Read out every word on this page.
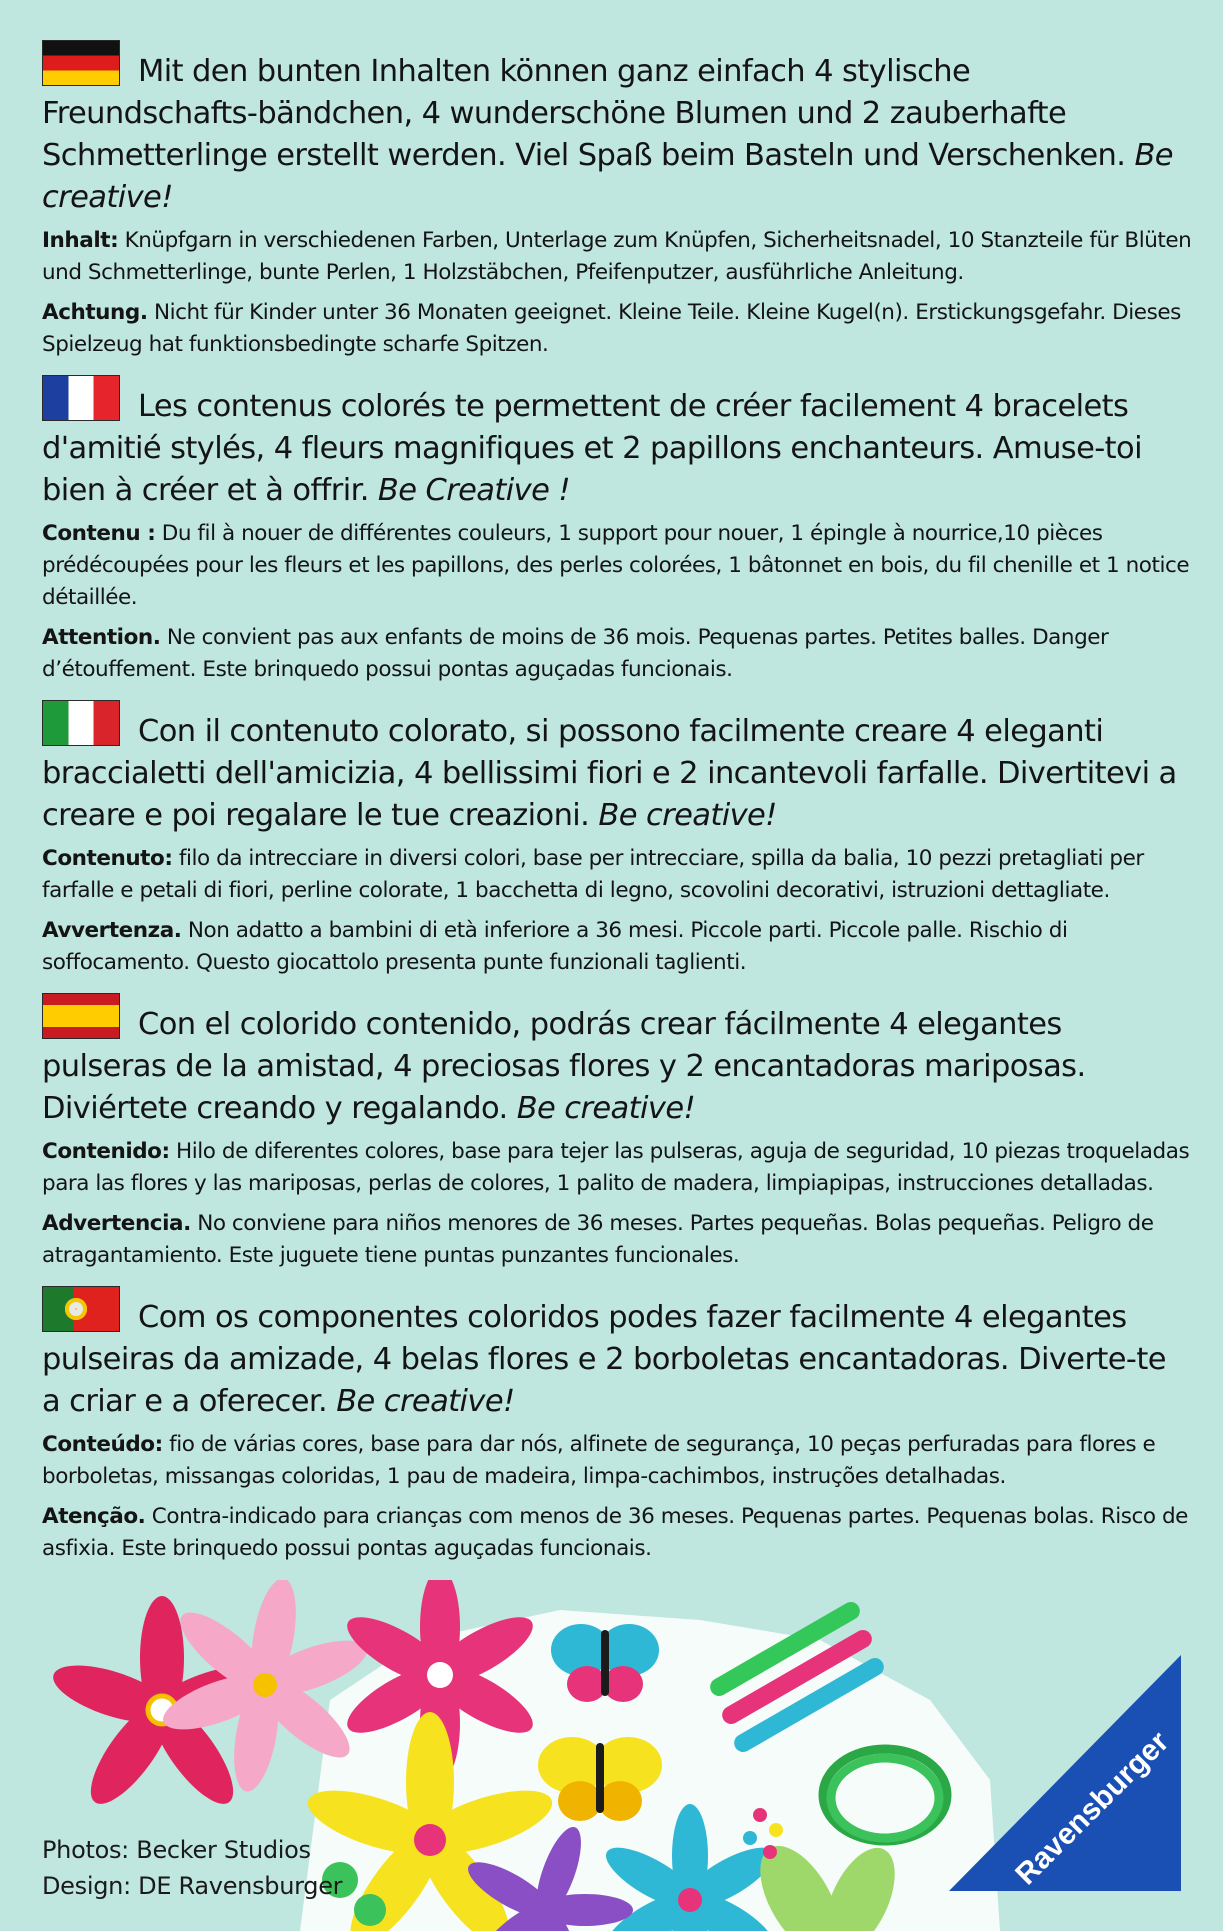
Mit den bunten Inhalten können ganz einfach 4 stylische Freundschafts-bändchen, 4 wunderschöne Blumen und 2 zauberhafte Schmetterlinge erstellt werden. Viel Spaß beim Basteln und Verschenken. Be creative!

Inhalt: Knüpfgarn in verschiedenen Farben, Unterlage zum Knüpfen, Sicherheitsnadel, 10 Stanzteile für Blüten und Schmetterlinge, bunte Perlen, 1 Holzstäbchen, Pfeifenputzer, ausführliche Anleitung.

Achtung. Nicht für Kinder unter 36 Monaten geeignet. Kleine Teile. Kleine Kugel(n). Erstickungsgefahr. Dieses Spielzeug hat funktionsbedingte scharfe Spitzen.

Les contenus colorés te permettent de créer facilement 4 bracelets d'amitié stylés, 4 fleurs magnifiques et 2 papillons enchanteurs. Amuse-toi bien à créer et à offrir. Be Creative !

Contenu : Du fil à nouer de différentes couleurs, 1 support pour nouer, 1 épingle à nourrice,10 pièces prédécoupées pour les fleurs et les papillons, des perles colorées, 1 bâtonnet en bois, du fil chenille et 1 notice détaillée.

Attention. Ne convient pas aux enfants de moins de 36 mois. Pequenas partes. Petites balles. Danger d’étouffement. Este brinquedo possui pontas aguçadas funcionais.

Con il contenuto colorato, si possono facilmente creare 4 eleganti braccialetti dell'amicizia, 4 bellissimi fiori e 2 incantevoli farfalle. Divertitevi a creare e poi regalare le tue creazioni. Be creative!

Contenuto: filo da intrecciare in diversi colori, base per intrecciare, spilla da balia, 10 pezzi pretagliati per farfalle e petali di fiori, perline colorate, 1 bacchetta di legno, scovolini decorativi, istruzioni dettagliate.

Avvertenza. Non adatto a bambini di età inferiore a 36 mesi. Piccole parti. Piccole palle. Rischio di soffocamento. Questo giocattolo presenta punte funzionali taglienti.

Con el colorido contenido, podrás crear fácilmente 4 elegantes pulseras de la amistad, 4 preciosas flores y 2 encantadoras mariposas. Diviértete creando y regalando. Be creative!

Contenido: Hilo de diferentes colores, base para tejer las pulseras, aguja de seguridad, 10 piezas troqueladas para las flores y las mariposas, perlas de colores, 1 palito de madera, limpiapipas, instrucciones detalladas.

Advertencia. No conviene para niños menores de 36 meses. Partes pequeñas. Bolas pequeñas. Peligro de atragantamiento. Este juguete tiene puntas punzantes funcionales.

Com os componentes coloridos podes fazer facilmente 4 elegantes pulseiras da amizade, 4 belas flores e 2 borboletas encantadoras. Diverte-te a criar e a oferecer. Be creative!

Conteúdo: fio de várias cores, base para dar nós, alfinete de segurança, 10 peças perfuradas para flores e borboletas, missangas coloridas, 1 pau de madeira, limpa-cachimbos, instruções detalhadas.

Atenção. Contra-indicado para crianças com menos de 36 meses. Pequenas partes. Pequenas bolas. Risco de asfixia. Este brinquedo possui pontas aguçadas funcionais.

Photos: Becker Studios
Design: DE Ravensburger	Ravensburger
